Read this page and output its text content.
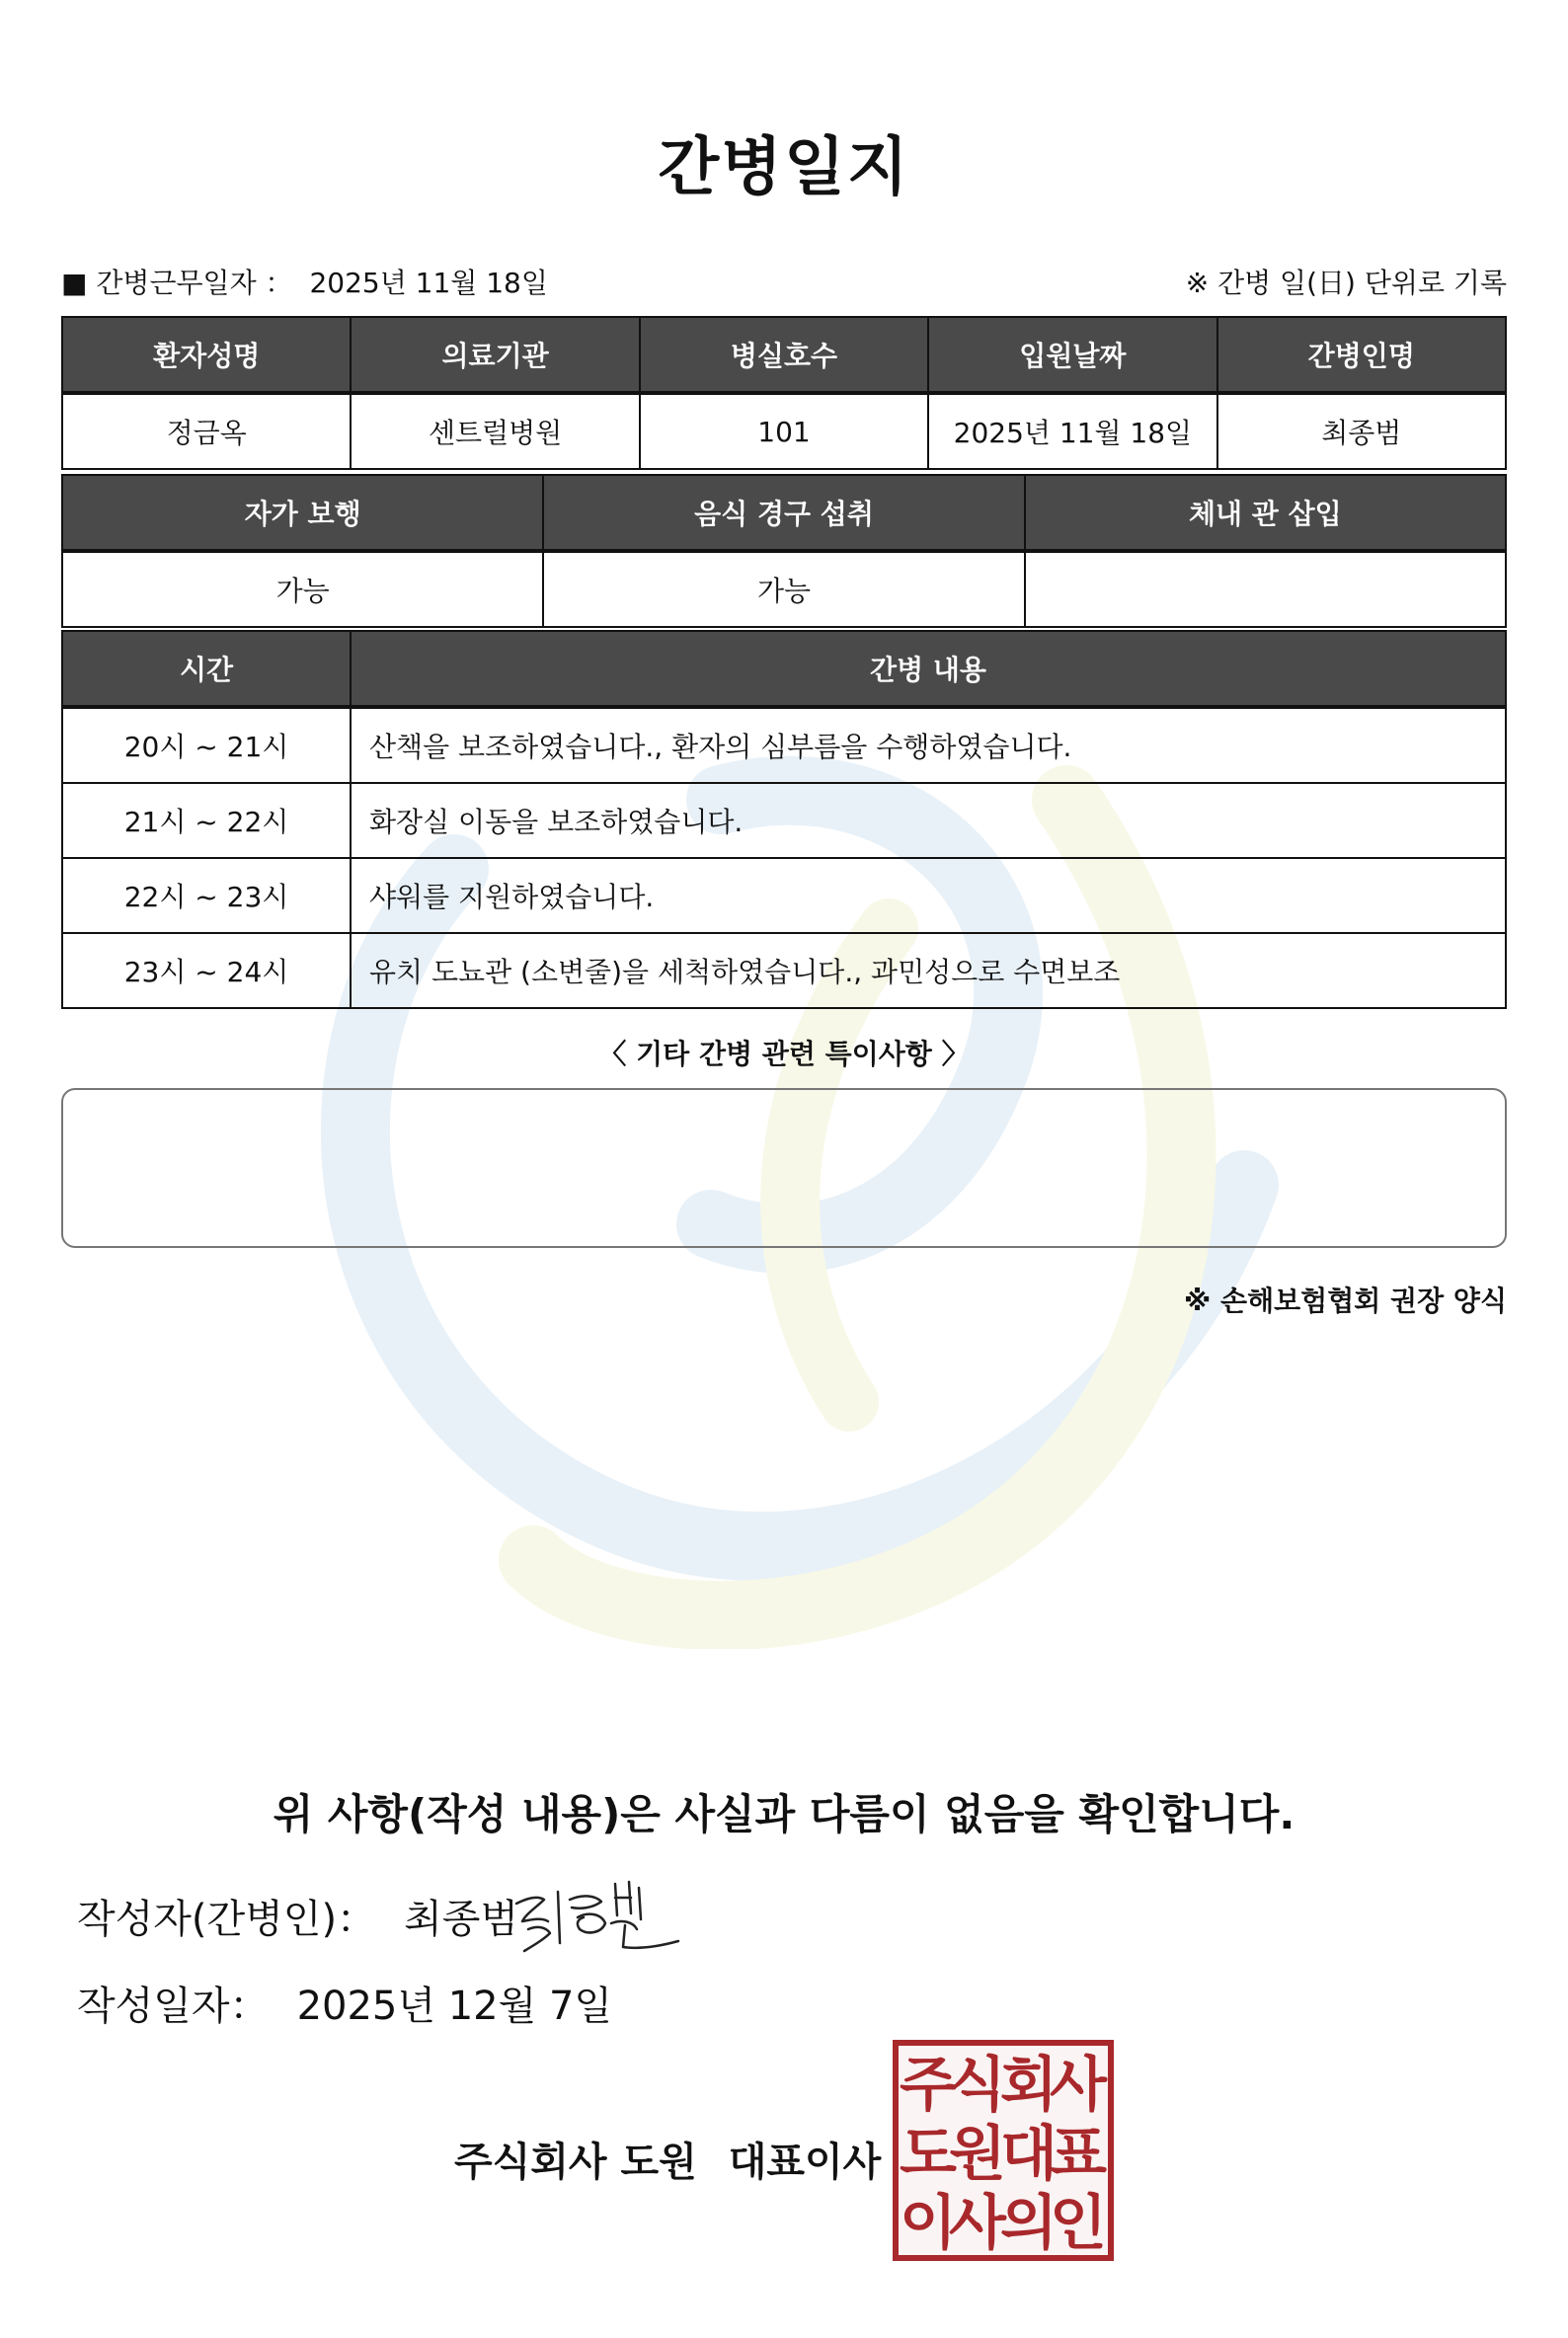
간병일지
■ 간병근무일자 ： 2025년 11월 18일	※ 간병 일(日) 단위로 기록
환자성명	의료기관	병실호수	입원날짜	간병인명
정금옥	센트럴병원	101	2025년 11월 18일	최종범
자가 보행	음식 경구 섭취	체내 관 삽입
가능	가능	
시간	간병 내용
20시 ~ 21시	산책을 보조하였습니다., 환자의 심부름을 수행하였습니다.
21시 ~ 22시	화장실 이동을 보조하였습니다.
22시 ~ 23시	샤워를 지원하였습니다.
23시 ~ 24시	유치 도뇨관 (소변줄)을 세척하였습니다., 과민성으로 수면보조
〈 기타 간병 관련 특이사항 〉
※ 손해보험협회 권장 양식
위 사항(작성 내용)은 사실과 다름이 없음을 확인합니다.
작성자(간병인)： 최종범
작성일자： 2025년 12월 7일
주식회사 도원 대표이사
주
식
회
사
도
원
대
표
이
사
의
인
